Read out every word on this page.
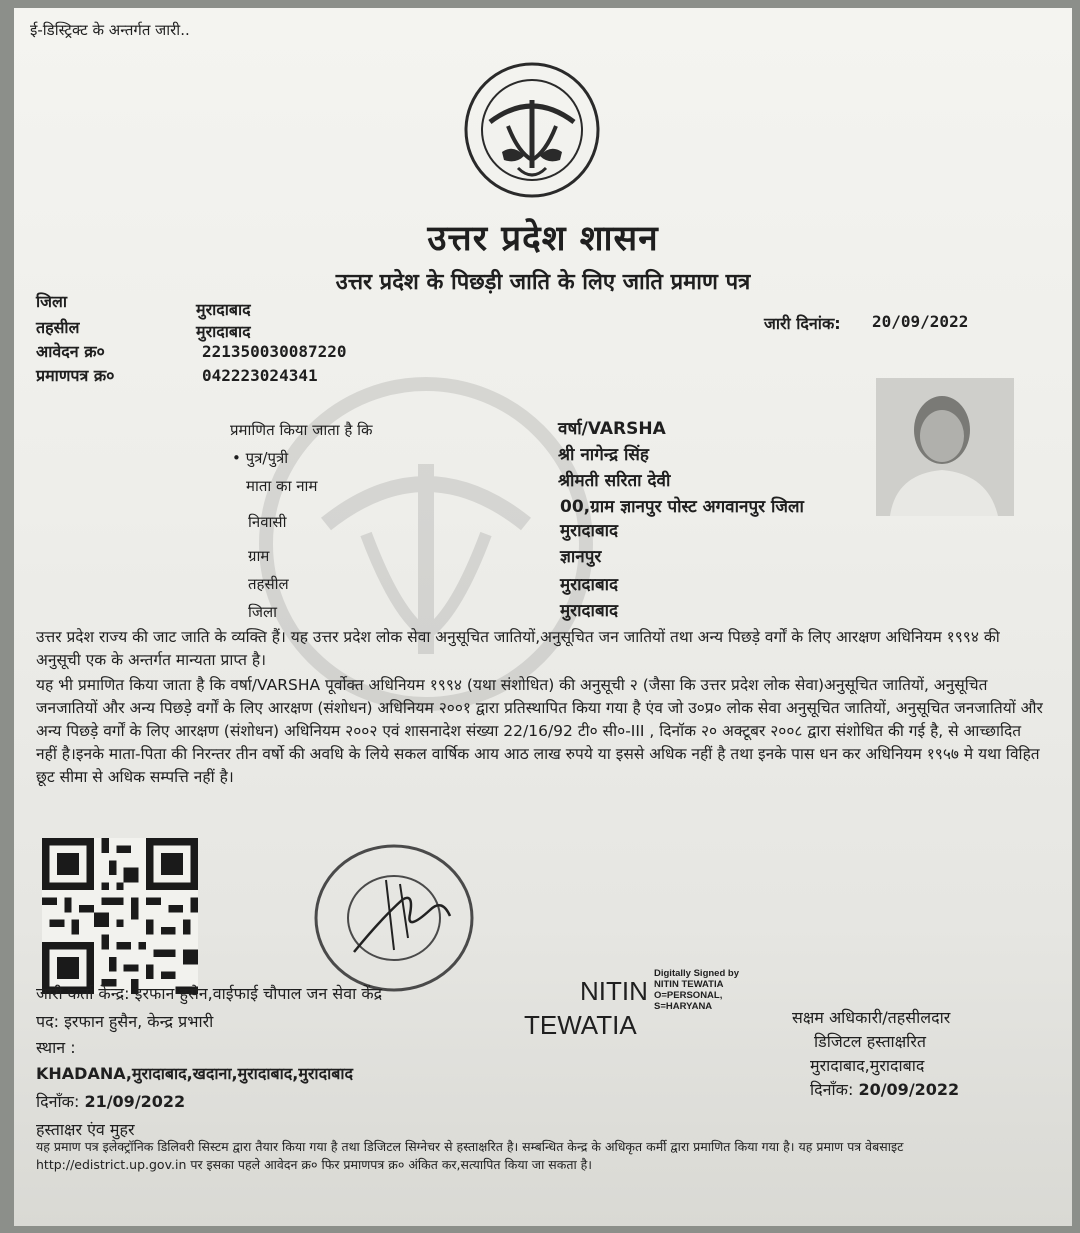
ई-डिस्ट्रिक्ट के अन्तर्गत जारी..
उत्तर प्रदेश शासन
उत्तर प्रदेश के पिछड़ी जाति के लिए जाति प्रमाण पत्र
जिला	मुरादाबाद
तहसील	मुरादाबाद
आवेदन क्र०	221350030087220
प्रमाणपत्र क्र०	042223024341
जारी दिनांक: 20/09/2022
प्रमाणित किया जाता है कि	वर्षा/VARSHA
• पुत्र/पुत्री	श्री नागेन्द्र सिंह
माता का नाम	श्रीमती सरिता देवी
00,ग्राम ज्ञानपुर पोस्ट अगवानपुर जिला
निवासी	मुरादाबाद
ग्राम	ज्ञानपुर
तहसील	मुरादाबाद
जिला	मुरादाबाद
उत्तर प्रदेश राज्य की जाट जाति के व्यक्ति हैं। यह उत्तर प्रदेश लोक सेवा अनुसूचित जातियों,अनुसूचित जन जातियों तथा अन्य पिछड़े वर्गों के लिए आरक्षण अधिनियम १९९४ की अनुसूची एक के अन्तर्गत मान्यता प्राप्त है।
यह भी प्रमाणित किया जाता है कि वर्षा/VARSHA पूर्वोक्त अधिनियम १९९४ (यथा संशोधित) की अनुसूची २ (जैसा कि उत्तर प्रदेश लोक सेवा)अनुसूचित जातियों, अनुसूचित जनजातियों और अन्य पिछड़े वर्गों के लिए आरक्षण (संशोधन) अधिनियम २००१ द्वारा प्रतिस्थापित किया गया है एंव जो उ०प्र० लोक सेवा अनुसूचित जातियों, अनुसूचित जनजातियों और अन्य पिछड़े वर्गों के लिए आरक्षण (संशोधन) अधिनियम २००२ एवं शासनादेश संख्या 22/16/92 टी० सी०-III , दिनॉक २० अक्टूबर २००८ द्वारा संशोधित की गई है, से आच्छादित नहीं है।इनके माता-पिता की निरन्तर तीन वर्षो की अवधि के लिये सकल वार्षिक आय आठ लाख रुपये या इससे अधिक नहीं है तथा इनके पास धन कर अधिनियम १९५७ मे यथा विहित छूट सीमा से अधिक सम्पत्ति नहीं है।
NITIN
TEWATIA
Digitally Signed by
NITIN TEWATIA
O=PERSONAL,
S=HARYANA
जारी कर्ता केन्द्र: इरफान हुसैन,वाईफाई चौपाल जन सेवा केंद्र
पद: इरफान हुसैन, केन्द्र प्रभारी
स्थान :
KHADANA,मुरादाबाद,खदाना,मुरादाबाद,मुरादाबाद
दिनाँक: 21/09/2022
हस्ताक्षर एंव मुहर
सक्षम अधिकारी/तहसीलदार
डिजिटल हस्ताक्षरित
मुरादाबाद,मुरादाबाद
दिनाँक: 20/09/2022
यह प्रमाण पत्र इलेक्ट्रॉनिक डिलिवरी सिस्टम द्वारा तैयार किया गया है तथा डिजिटल सिग्नेचर से हस्ताक्षरित है। सम्बन्धित केन्द्र के अधिकृत कर्मी द्वारा प्रमाणित किया गया है। यह प्रमाण पत्र वेबसाइट http://edistrict.up.gov.in पर इसका पहले आवेदन क्र० फिर प्रमाणपत्र क्र० अंकित कर,सत्यापित किया जा सकता है।
